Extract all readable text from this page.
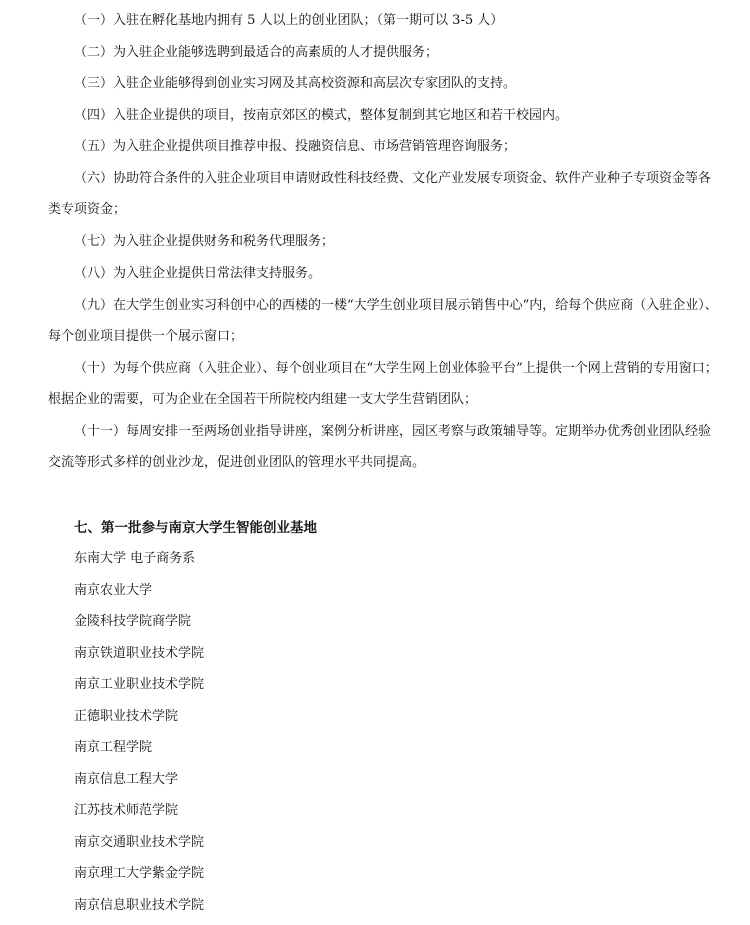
（一）入驻在孵化基地内拥有 5 人以上的创业团队；（第一期可以 3-5 人）
（二）为入驻企业能够选聘到最适合的高素质的人才提供服务；
（三）入驻企业能够得到创业实习网及其高校资源和高层次专家团队的支持。
（四）入驻企业提供的项目，按南京郊区的模式，整体复制到其它地区和若干校园内。
（五）为入驻企业提供项目推荐申报、投融资信息、市场营销管理咨询服务；
（六）协助符合条件的入驻企业项目申请财政性科技经费、文化产业发展专项资金、软件产业种子专项资金等各类专项资金；
（七）为入驻企业提供财务和税务代理服务；
（八）为入驻企业提供日常法律支持服务。
（九）在大学生创业实习科创中心的西楼的一楼“大学生创业项目展示销售中心”内，给每个供应商（入驻企业）、每个创业项目提供一个展示窗口；
（十）为每个供应商（入驻企业）、每个创业项目在“大学生网上创业体验平台”上提供一个网上营销的专用窗口；根据企业的需要，可为企业在全国若干所院校内组建一支大学生营销团队；
（十一）每周安排一至两场创业指导讲座，案例分析讲座，园区考察与政策辅导等。定期举办优秀创业团队经验交流等形式多样的创业沙龙，促进创业团队的管理水平共同提高。
七、第一批参与南京大学生智能创业基地
东南大学 电子商务系
南京农业大学
金陵科技学院商学院
南京铁道职业技术学院
南京工业职业技术学院
正德职业技术学院
南京工程学院
南京信息工程大学
江苏技术师范学院
南京交通职业技术学院
南京理工大学紫金学院
南京信息职业技术学院
